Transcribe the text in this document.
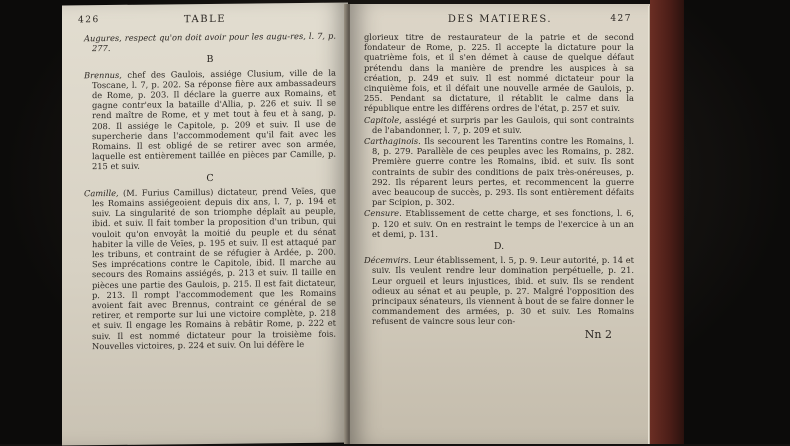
426	TABLE

Augures, respect qu'on doit avoir pour les augu-res, l. 7, p. 277.

B

Brennus, chef des Gaulois, assiége Clusium, ville de la Toscane, l. 7, p. 202. Sa réponse fière aux ambassadeurs de Rome, p. 203. Il déclare la guerre aux Romains, et gagne contr'eux la bataille d'Allia, p. 226 et suiv. Il se rend maître de Rome, et y met tout à feu et à sang, p. 208. Il assiége le Capitole, p. 209 et suiv. Il use de supercherie dans l'accommodement qu'il fait avec les Romains. Il est obligé de se retirer avec son armée, laquelle est entièrement taillée en pièces par Camille, p. 215 et suiv.

C

Camille, (M. Furius Camillus) dictateur, prend Veïes, que les Romains assiégeoient depuis dix ans, l. 7, p. 194 et suiv. La singularité de son triomphe déplaît au peuple, ibid. et suiv. Il fait tomber la proposition d'un tribun, qui vouloit qu'on envoyât la moitié du peuple et du sénat habiter la ville de Veïes, p. 195 et suiv. Il est attaqué par les tribuns, et contraint de se réfugier à Ardée, p. 200. Ses imprécations contre le Capitole, ibid. Il marche au secours des Romains assiégés, p. 213 et suiv. Il taille en pièces une partie des Gaulois, p. 215. Il est fait dictateur, p. 213. Il rompt l'accommodement que les Romains avoient fait avec Brennus, contraint ce général de se retirer, et remporte sur lui une victoire complète, p. 218 et suiv. Il engage les Romains à rebâtir Rome, p. 222 et suiv. Il est nommé dictateur pour la troisième fois. Nouvelles victoires, p. 224 et suiv. On lui défère le

DES MATIERES.	427

glorieux titre de restaurateur de la patrie et de second fondateur de Rome, p. 225. Il accepte la dictature pour la quatrième fois, et il s'en démet à cause de quelque défaut prétendu dans la manière de prendre les auspices à sa création, p. 249 et suiv. Il est nommé dictateur pour la cinquième fois, et il défait une nouvelle armée de Gaulois, p. 255. Pendant sa dictature, il rétablit le calme dans la république entre les différens ordres de l'état, p. 257 et suiv.

Capitole, assiégé et surpris par les Gaulois, qui sont contraints de l'abandonner, l. 7, p. 209 et suiv.

Carthaginois. Ils secourent les Tarentins contre les Romains, l. 8, p. 279. Parallèle de ces peuples avec les Romains, p. 282. Première guerre contre les Romains, ibid. et suiv. Ils sont contraints de subir des conditions de paix très-onéreuses, p. 292. Ils réparent leurs pertes, et recommencent la guerre avec beaucoup de succès, p. 293. Ils sont entièrement défaits par Scipion, p. 302.

Censure. Etablissement de cette charge, et ses fonctions, l. 6, p. 120 et suiv. On en restraint le temps de l'exercice à un an et demi, p. 131.

D.

Décemvirs. Leur établissement, l. 5, p. 9. Leur autorité, p. 14 et suiv. Ils veulent rendre leur domination perpétuelle, p. 21. Leur orgueil et leurs injustices, ibid. et suiv. Ils se rendent odieux au sénat et au peuple, p. 27. Malgré l'opposition des principaux sénateurs, ils viennent à bout de se faire donner le commandement des armées, p. 30 et suiv. Les Romains refusent de vaincre sous leur con-

Nn 2
